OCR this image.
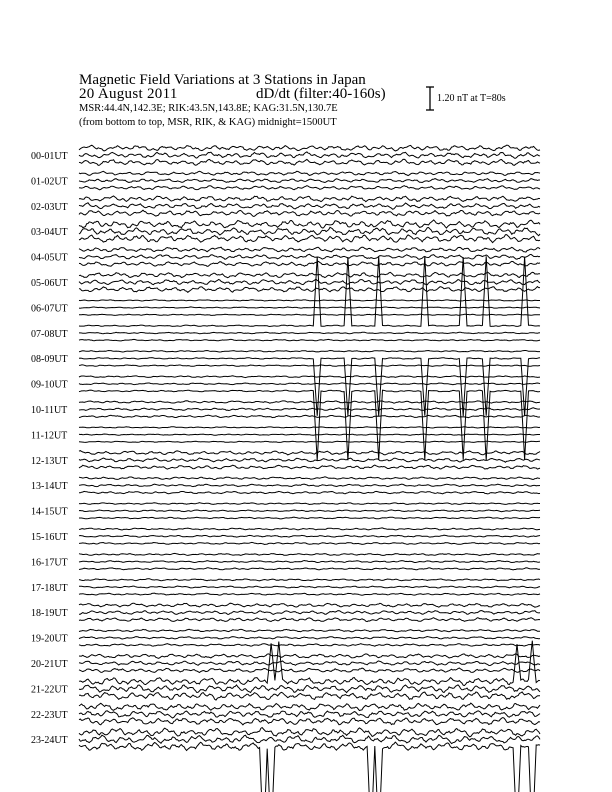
00-01UT
01-02UT
02-03UT
03-04UT
04-05UT
05-06UT
06-07UT
07-08UT
08-09UT
09-10UT
10-11UT
11-12UT
12-13UT
13-14UT
14-15UT
15-16UT
16-17UT
17-18UT
18-19UT
19-20UT
20-21UT
21-22UT
22-23UT
23-24UT
Magnetic Field Variations at 3 Stations in Japan
20 August 2011	dD/dt (filter:40-160s)
MSR:44.4N,142.3E; RIK:43.5N,143.8E; KAG:31.5N,130.7E
(from bottom to top, MSR, RIK, & KAG) midnight=1500UT
1.20 nT at T=80s
